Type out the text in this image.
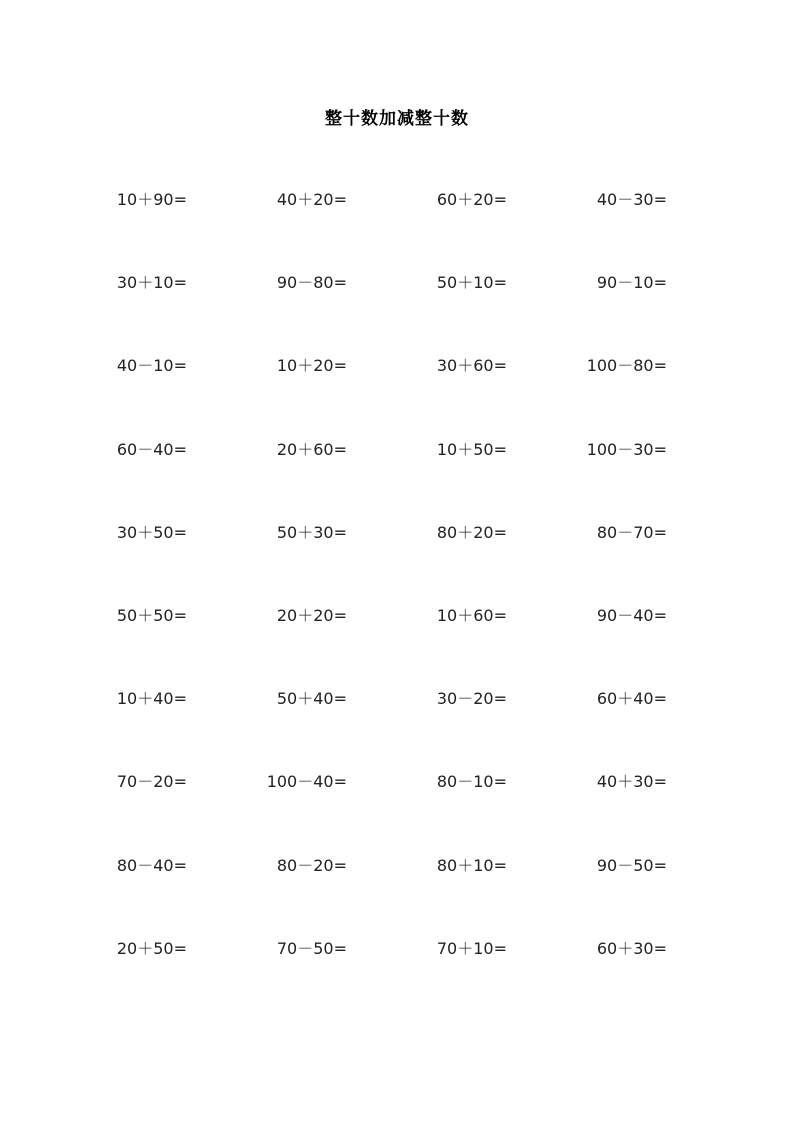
整十数加减整十数
10＋90=	40＋20=	60＋20=	40－30=
30＋10=	90－80=	50＋10=	90－10=
40－10=	10＋20=	30＋60=	100－80=
60－40=	20＋60=	10＋50=	100－30=
30＋50=	50＋30=	80＋20=	80－70=
50＋50=	20＋20=	10＋60=	90－40=
10＋40=	50＋40=	30－20=	60＋40=
70－20=	100－40=	80－10=	40＋30=
80－40=	80－20=	80＋10=	90－50=
20＋50=	70－50=	70＋10=	60＋30=
